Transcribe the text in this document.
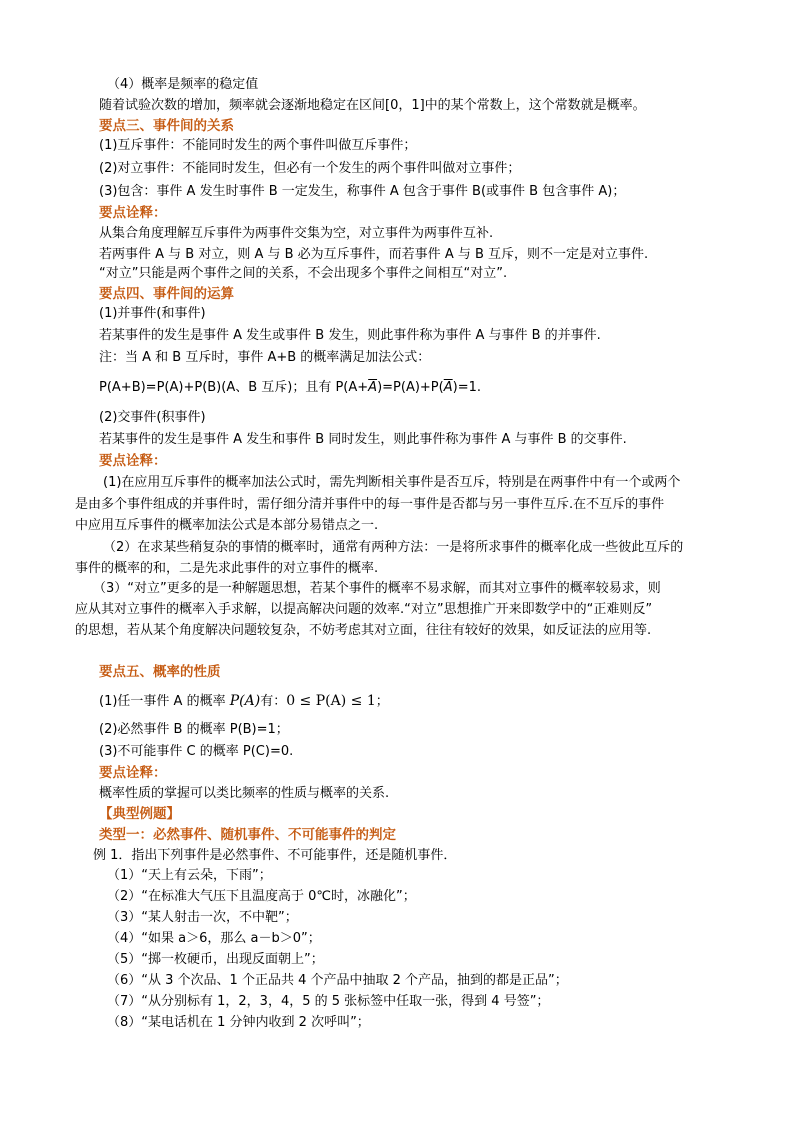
（4）概率是频率的稳定值
随着试验次数的增加，频率就会逐渐地稳定在区间[0，1]中的某个常数上，这个常数就是概率。
要点三、事件间的关系
(1)互斥事件：不能同时发生的两个事件叫做互斥事件；
(2)对立事件：不能同时发生，但必有一个发生的两个事件叫做对立事件；
(3)包含：事件 A 发生时事件 B 一定发生，称事件 A 包含于事件 B(或事件 B 包含事件 A)；
要点诠释：
从集合角度理解互斥事件为两事件交集为空，对立事件为两事件互补.
若两事件 A 与 B 对立，则 A 与 B 必为互斥事件，而若事件 A 与 B 互斥，则不一定是对立事件.
“对立”只能是两个事件之间的关系，不会出现多个事件之间相互“对立”.
要点四、事件间的运算
(1)并事件(和事件)
若某事件的发生是事件 A 发生或事件 B 发生，则此事件称为事件 A 与事件 B 的并事件.
注：当 A 和 B 互斥时，事件 A+B 的概率满足加法公式：
P(A+B)=P(A)+P(B)(A、B 互斥)；且有 $P(A+\overline{A})=P(A)+P(\overline{A})=1$.
(2)交事件(积事件)
若某事件的发生是事件 A 发生和事件 B 同时发生，则此事件称为事件 A 与事件 B 的交事件.
要点诠释：
(1)在应用互斥事件的概率加法公式时，需先判断相关事件是否互斥，特别是在两事件中有一个或两个
是由多个事件组成的并事件时，需仔细分清并事件中的每一事件是否都与另一事件互斥.在不互斥的事件
中应用互斥事件的概率加法公式是本部分易错点之一.
（2）在求某些稍复杂的事情的概率时，通常有两种方法：一是将所求事件的概率化成一些彼此互斥的
事件的概率的和，二是先求此事件的对立事件的概率.
（3）“对立”更多的是一种解题思想，若某个事件的概率不易求解，而其对立事件的概率较易求，则
应从其对立事件的概率入手求解，以提高解决问题的效率.“对立”思想推广开来即数学中的“正难则反”
的思想，若从某个角度解决问题较复杂，不妨考虑其对立面，往往有较好的效果，如反证法的应用等.
要点五、概率的性质
(1)任一事件 A 的概率 P(A)有：0 ≤ P(A) ≤ 1；
(2)必然事件 B 的概率 P(B)=1；
(3)不可能事件 C 的概率 P(C)=0.
要点诠释：
概率性质的掌握可以类比频率的性质与概率的关系.
【典型例题】
类型一：必然事件、随机事件、不可能事件的判定
例 1．指出下列事件是必然事件、不可能事件，还是随机事件．
（1）“天上有云朵，下雨”；
（2）“在标准大气压下且温度高于 0℃时，冰融化”；
（3）“某人射击一次，不中靶”；
（4）“如果 a＞6，那么 a－b＞0”；
（5）“掷一枚硬币，出现反面朝上”；
（6）“从 3 个次品、1 个正品共 4 个产品中抽取 2 个产品，抽到的都是正品”；
（7）“从分别标有 1，2，3，4，5 的 5 张标签中任取一张，得到 4 号签”；
（8）“某电话机在 1 分钟内收到 2 次呼叫”；
